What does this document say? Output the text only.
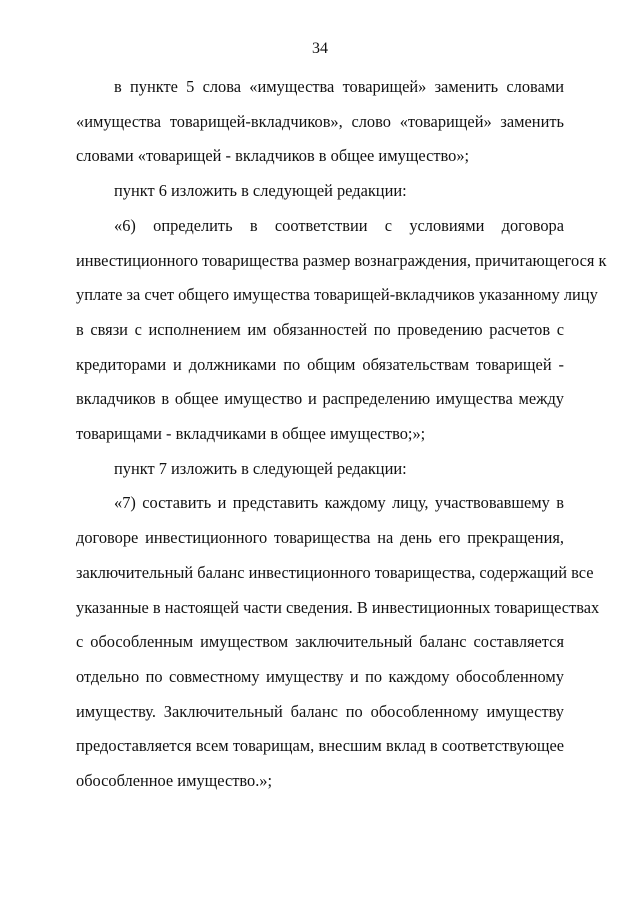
34

в пункте 5 слова «имущества товарищей» заменить словами
«имущества товарищей-вкладчиков», слово «товарищей» заменить
словами «товарищей - вкладчиков в общее имущество»;

пункт 6 изложить в следующей редакции:

«6) определить в соответствии с условиями договора
инвестиционного товарищества размер вознаграждения, причитающегося к
уплате за счет общего имущества товарищей-вкладчиков указанному лицу
в связи с исполнением им обязанностей по проведению расчетов с
кредиторами и должниками по общим обязательствам товарищей -
вкладчиков в общее имущество и распределению имущества между
товарищами - вкладчиками в общее имущество;»;

пункт 7 изложить в следующей редакции:

«7) составить и представить каждому лицу, участвовавшему в
договоре инвестиционного товарищества на день его прекращения,
заключительный баланс инвестиционного товарищества, содержащий все
указанные в настоящей части сведения. В инвестиционных товариществах
с обособленным имуществом заключительный баланс составляется
отдельно по совместному имуществу и по каждому обособленному
имуществу. Заключительный баланс по обособленному имуществу
предоставляется всем товарищам, внесшим вклад в соответствующее
обособленное имущество.»;
